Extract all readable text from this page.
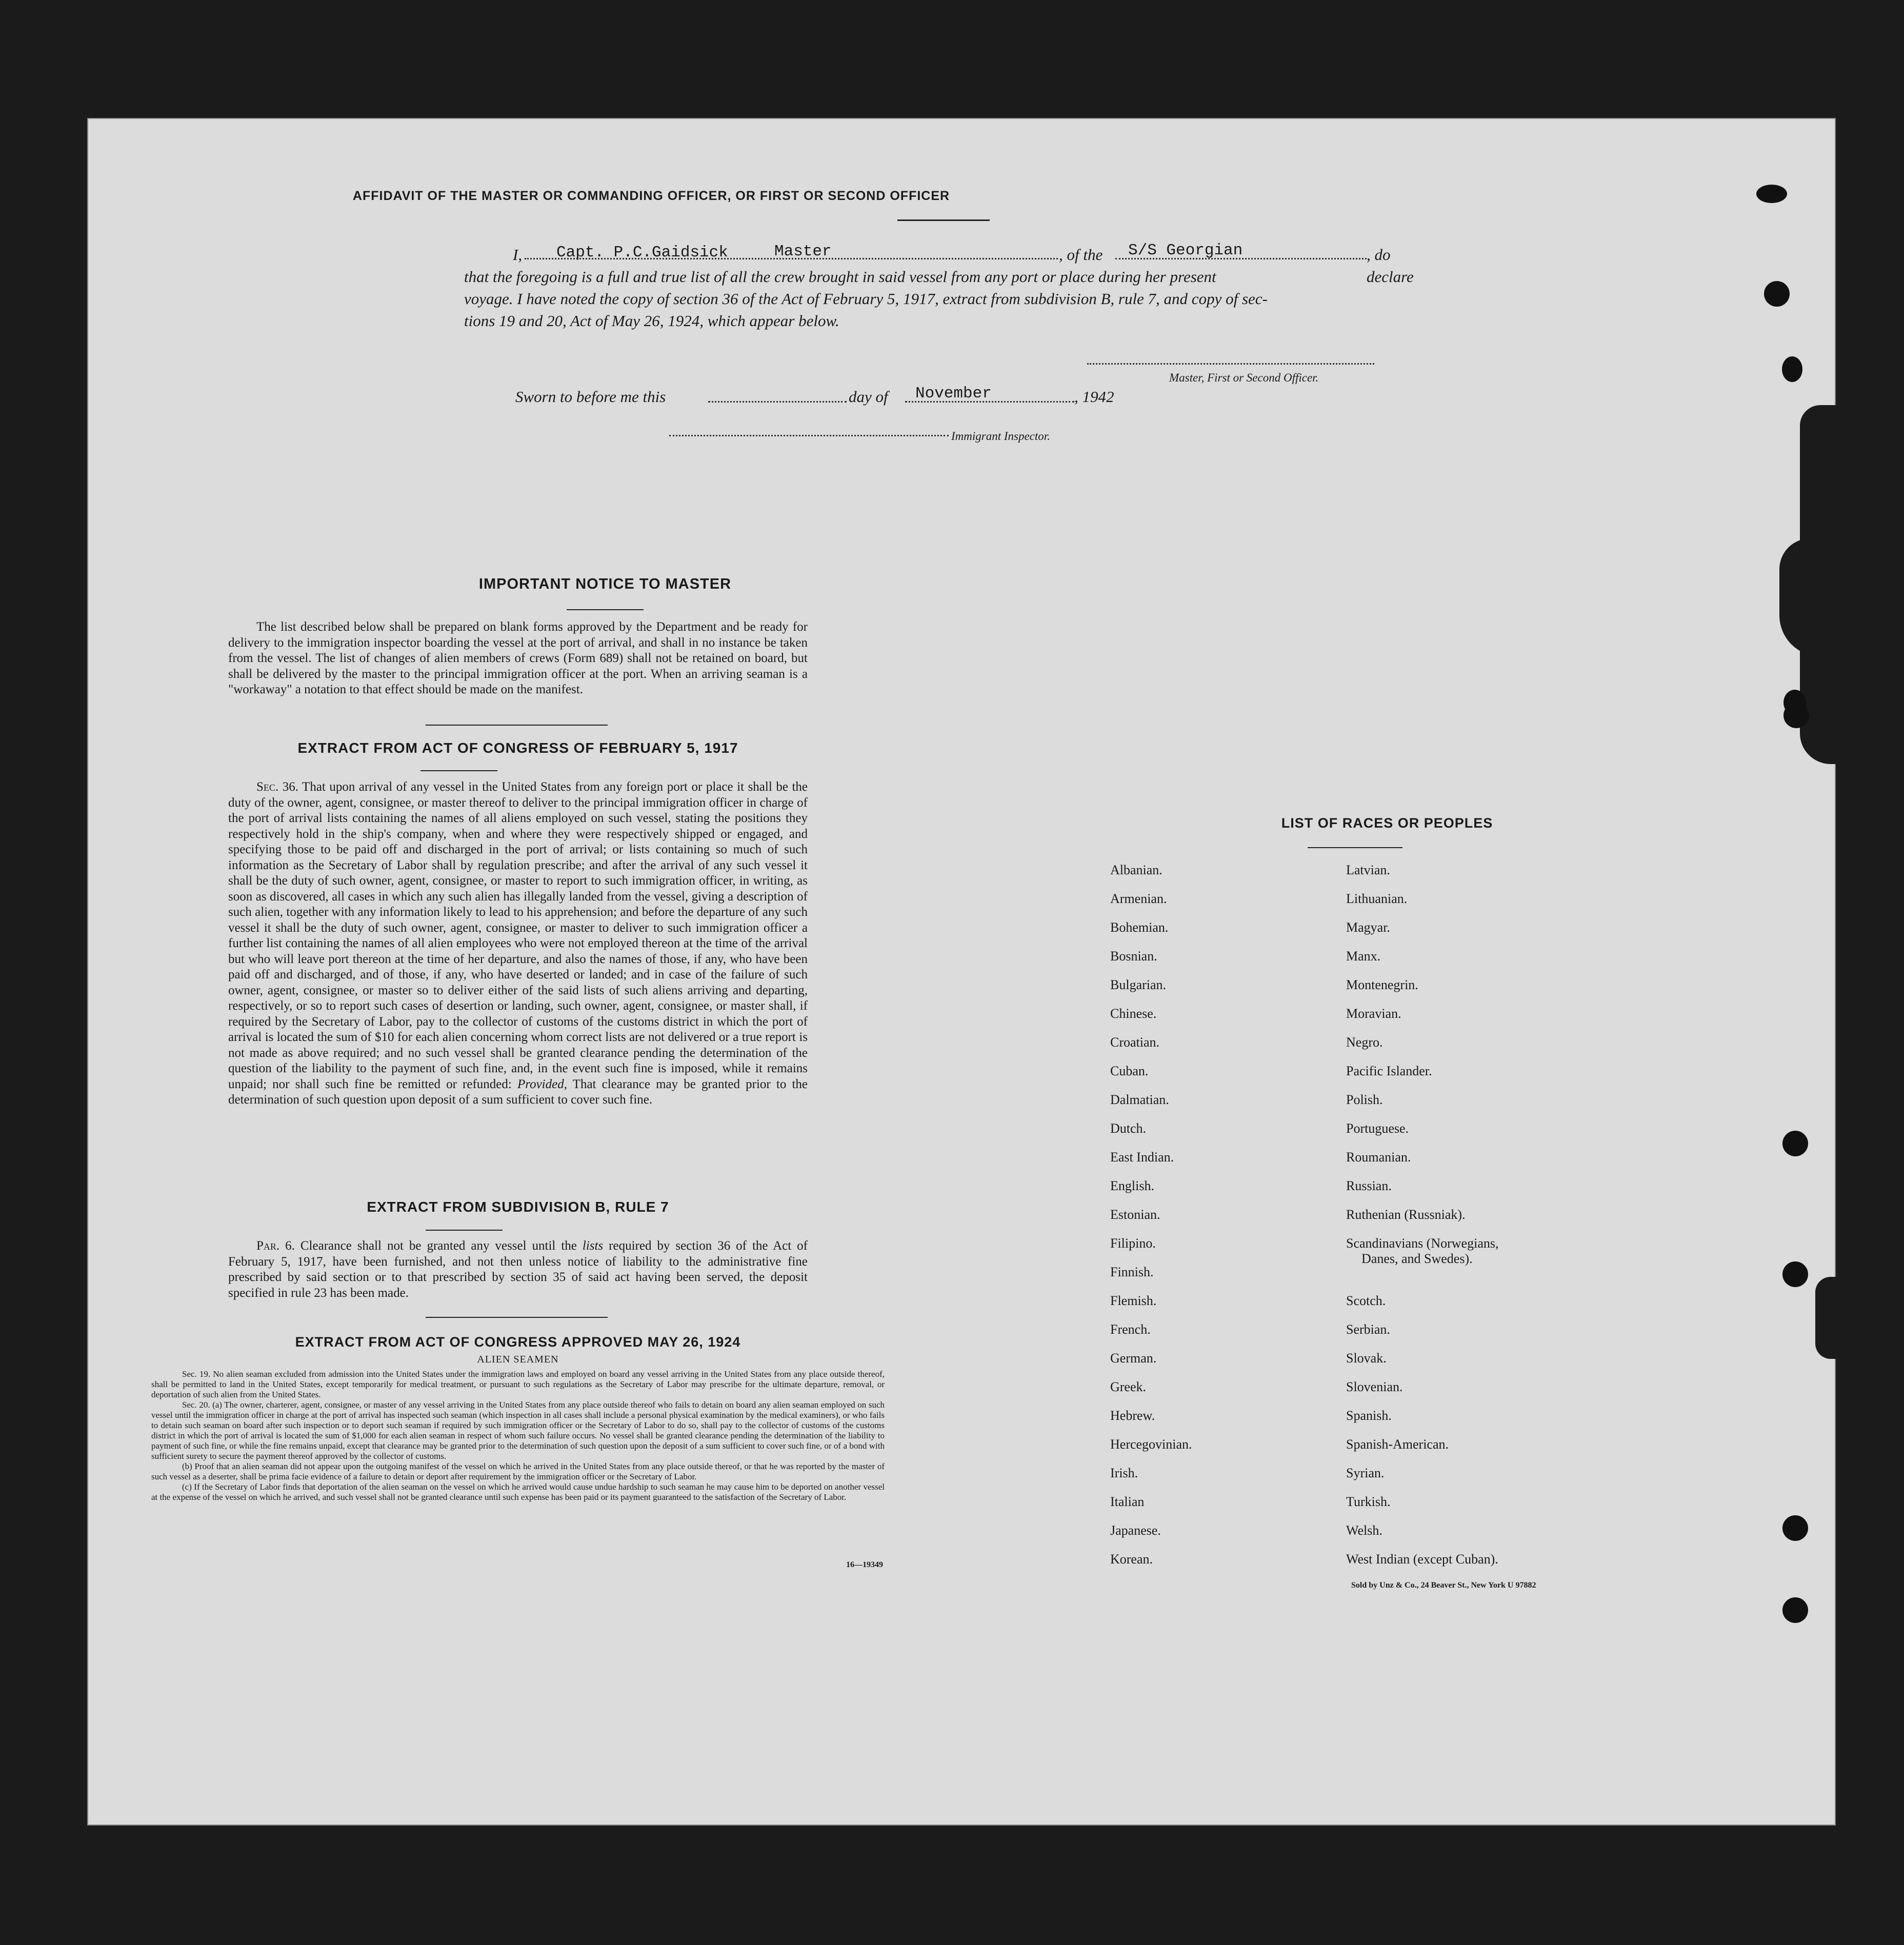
AFFIDAVIT OF THE MASTER OR COMMANDING OFFICER, OR FIRST OR SECOND OFFICER
I, Capt. P.C.Gaidsick	Master	, of the S/S Georgian	, do declare
that the foregoing is a full and true list of all the crew brought in said vessel from any port or place during her present
voyage. I have noted the copy of section 36 of the Act of February 5, 1917, extract from subdivision B, rule 7, and copy of sec-
tions 19 and 20, Act of May 26, 1924, which appear below.
Master, First or Second Officer.
Sworn to before me this	day of November	, 1942
Immigrant Inspector.
IMPORTANT NOTICE TO MASTER
The list described below shall be prepared on blank forms approved by the Department and be ready for delivery to the immigration inspector boarding the vessel at the port of arrival, and shall in no instance be taken from the vessel. The list of changes of alien members of crews (Form 689) shall not be retained on board, but shall be delivered by the master to the principal immigration officer at the port. When an arriving seaman is a "workaway" a notation to that effect should be made on the manifest.
EXTRACT FROM ACT OF CONGRESS OF FEBRUARY 5, 1917
Sec. 36. That upon arrival of any vessel in the United States from any foreign port or place it shall be the duty of the owner, agent, consignee, or master thereof to deliver to the principal immigration officer in charge of the port of arrival lists containing the names of all aliens employed on such vessel, stating the positions they respectively hold in the ship's company, when and where they were respectively shipped or engaged, and specifying those to be paid off and discharged in the port of arrival; or lists containing so much of such information as the Secretary of Labor shall by regulation prescribe; and after the arrival of any such vessel it shall be the duty of such owner, agent, consignee, or master to report to such immigration officer, in writing, as soon as discovered, all cases in which any such alien has illegally landed from the vessel, giving a description of such alien, together with any information likely to lead to his apprehension; and before the departure of any such vessel it shall be the duty of such owner, agent, consignee, or master to deliver to such immigration officer a further list containing the names of all alien employees who were not employed thereon at the time of the arrival but who will leave port thereon at the time of her departure, and also the names of those, if any, who have been paid off and discharged, and of those, if any, who have deserted or landed; and in case of the failure of such owner, agent, consignee, or master so to deliver either of the said lists of such aliens arriving and departing, respectively, or so to report such cases of desertion or landing, such owner, agent, consignee, or master shall, if required by the Secretary of Labor, pay to the collector of customs of the customs district in which the port of arrival is located the sum of $10 for each alien concerning whom correct lists are not delivered or a true report is not made as above required; and no such vessel shall be granted clearance pending the determination of the question of the liability to the payment of such fine, and, in the event such fine is imposed, while it remains unpaid; nor shall such fine be remitted or refunded: Provided, That clearance may be granted prior to the determination of such question upon deposit of a sum sufficient to cover such fine.
EXTRACT FROM SUBDIVISION B, RULE 7
Par. 6. Clearance shall not be granted any vessel until the lists required by section 36 of the Act of February 5, 1917, have been furnished, and not then unless notice of liability to the administrative fine prescribed by said section or to that prescribed by section 35 of said act having been served, the deposit specified in rule 23 has been made.
EXTRACT FROM ACT OF CONGRESS APPROVED MAY 26, 1924
ALIEN SEAMEN
Sec. 19. No alien seaman excluded from admission into the United States under the immigration laws and employed on board any vessel arriving in the United States from any place outside thereof, shall be permitted to land in the United States, except temporarily for medical treatment, or pursuant to such regulations as the Secretary of Labor may prescribe for the ultimate departure, removal, or deportation of such alien from the United States.
Sec. 20. (a) The owner, charterer, agent, consignee, or master of any vessel arriving in the United States from any place outside thereof who fails to detain on board any alien seaman employed on such vessel until the immigration officer in charge at the port of arrival has inspected such seaman (which inspection in all cases shall include a personal physical examination by the medical examiners), or who fails to detain such seaman on board after such inspection or to deport such seaman if required by such immigration officer or the Secretary of Labor to do so, shall pay to the collector of customs of the customs district in which the port of arrival is located the sum of $1,000 for each alien seaman in respect of whom such failure occurs. No vessel shall be granted clearance pending the determination of the liability to payment of such fine, or while the fine remains unpaid, except that clearance may be granted prior to the determination of such question upon the deposit of a sum sufficient to cover such fine, or of a bond with sufficient surety to secure the payment thereof approved by the collector of customs.
(b) Proof that an alien seaman did not appear upon the outgoing manifest of the vessel on which he arrived in the United States from any place outside thereof, or that he was reported by the master of such vessel as a deserter, shall be prima facie evidence of a failure to detain or deport after requirement by the immigration officer or the Secretary of Labor.
(c) If the Secretary of Labor finds that deportation of the alien seaman on the vessel on which he arrived would cause undue hardship to such seaman he may cause him to be deported on another vessel at the expense of the vessel on which he arrived, and such vessel shall not be granted clearance until such expense has been paid or its payment guaranteed to the satisfaction of the Secretary of Labor.
16—19349
LIST OF RACES OR PEOPLES
Sold by Unz & Co., 24 Beaver St., New York U 97882
Albanian.
Armenian.
Bohemian.
Bosnian.
Bulgarian.
Chinese.
Croatian.
Cuban.
Dalmatian.
Dutch.
East Indian.
English.
Estonian.
Filipino.
Finnish.
Flemish.
French.
German.
Greek.
Hebrew.
Hercegovinian.
Irish.
Italian
Japanese.
Korean.
Latvian.
Lithuanian.
Magyar.
Manx.
Montenegrin.
Moravian.
Negro.
Pacific Islander.
Polish.
Portuguese.
Roumanian.
Russian.
Ruthenian (Russniak).
Scandinavians (Norwegians,
Scotch.
Serbian.
Slovak.
Slovenian.
Spanish.
Spanish-American.
Syrian.
Turkish.
Welsh.
West Indian (except Cuban).
Danes, and Swedes).
